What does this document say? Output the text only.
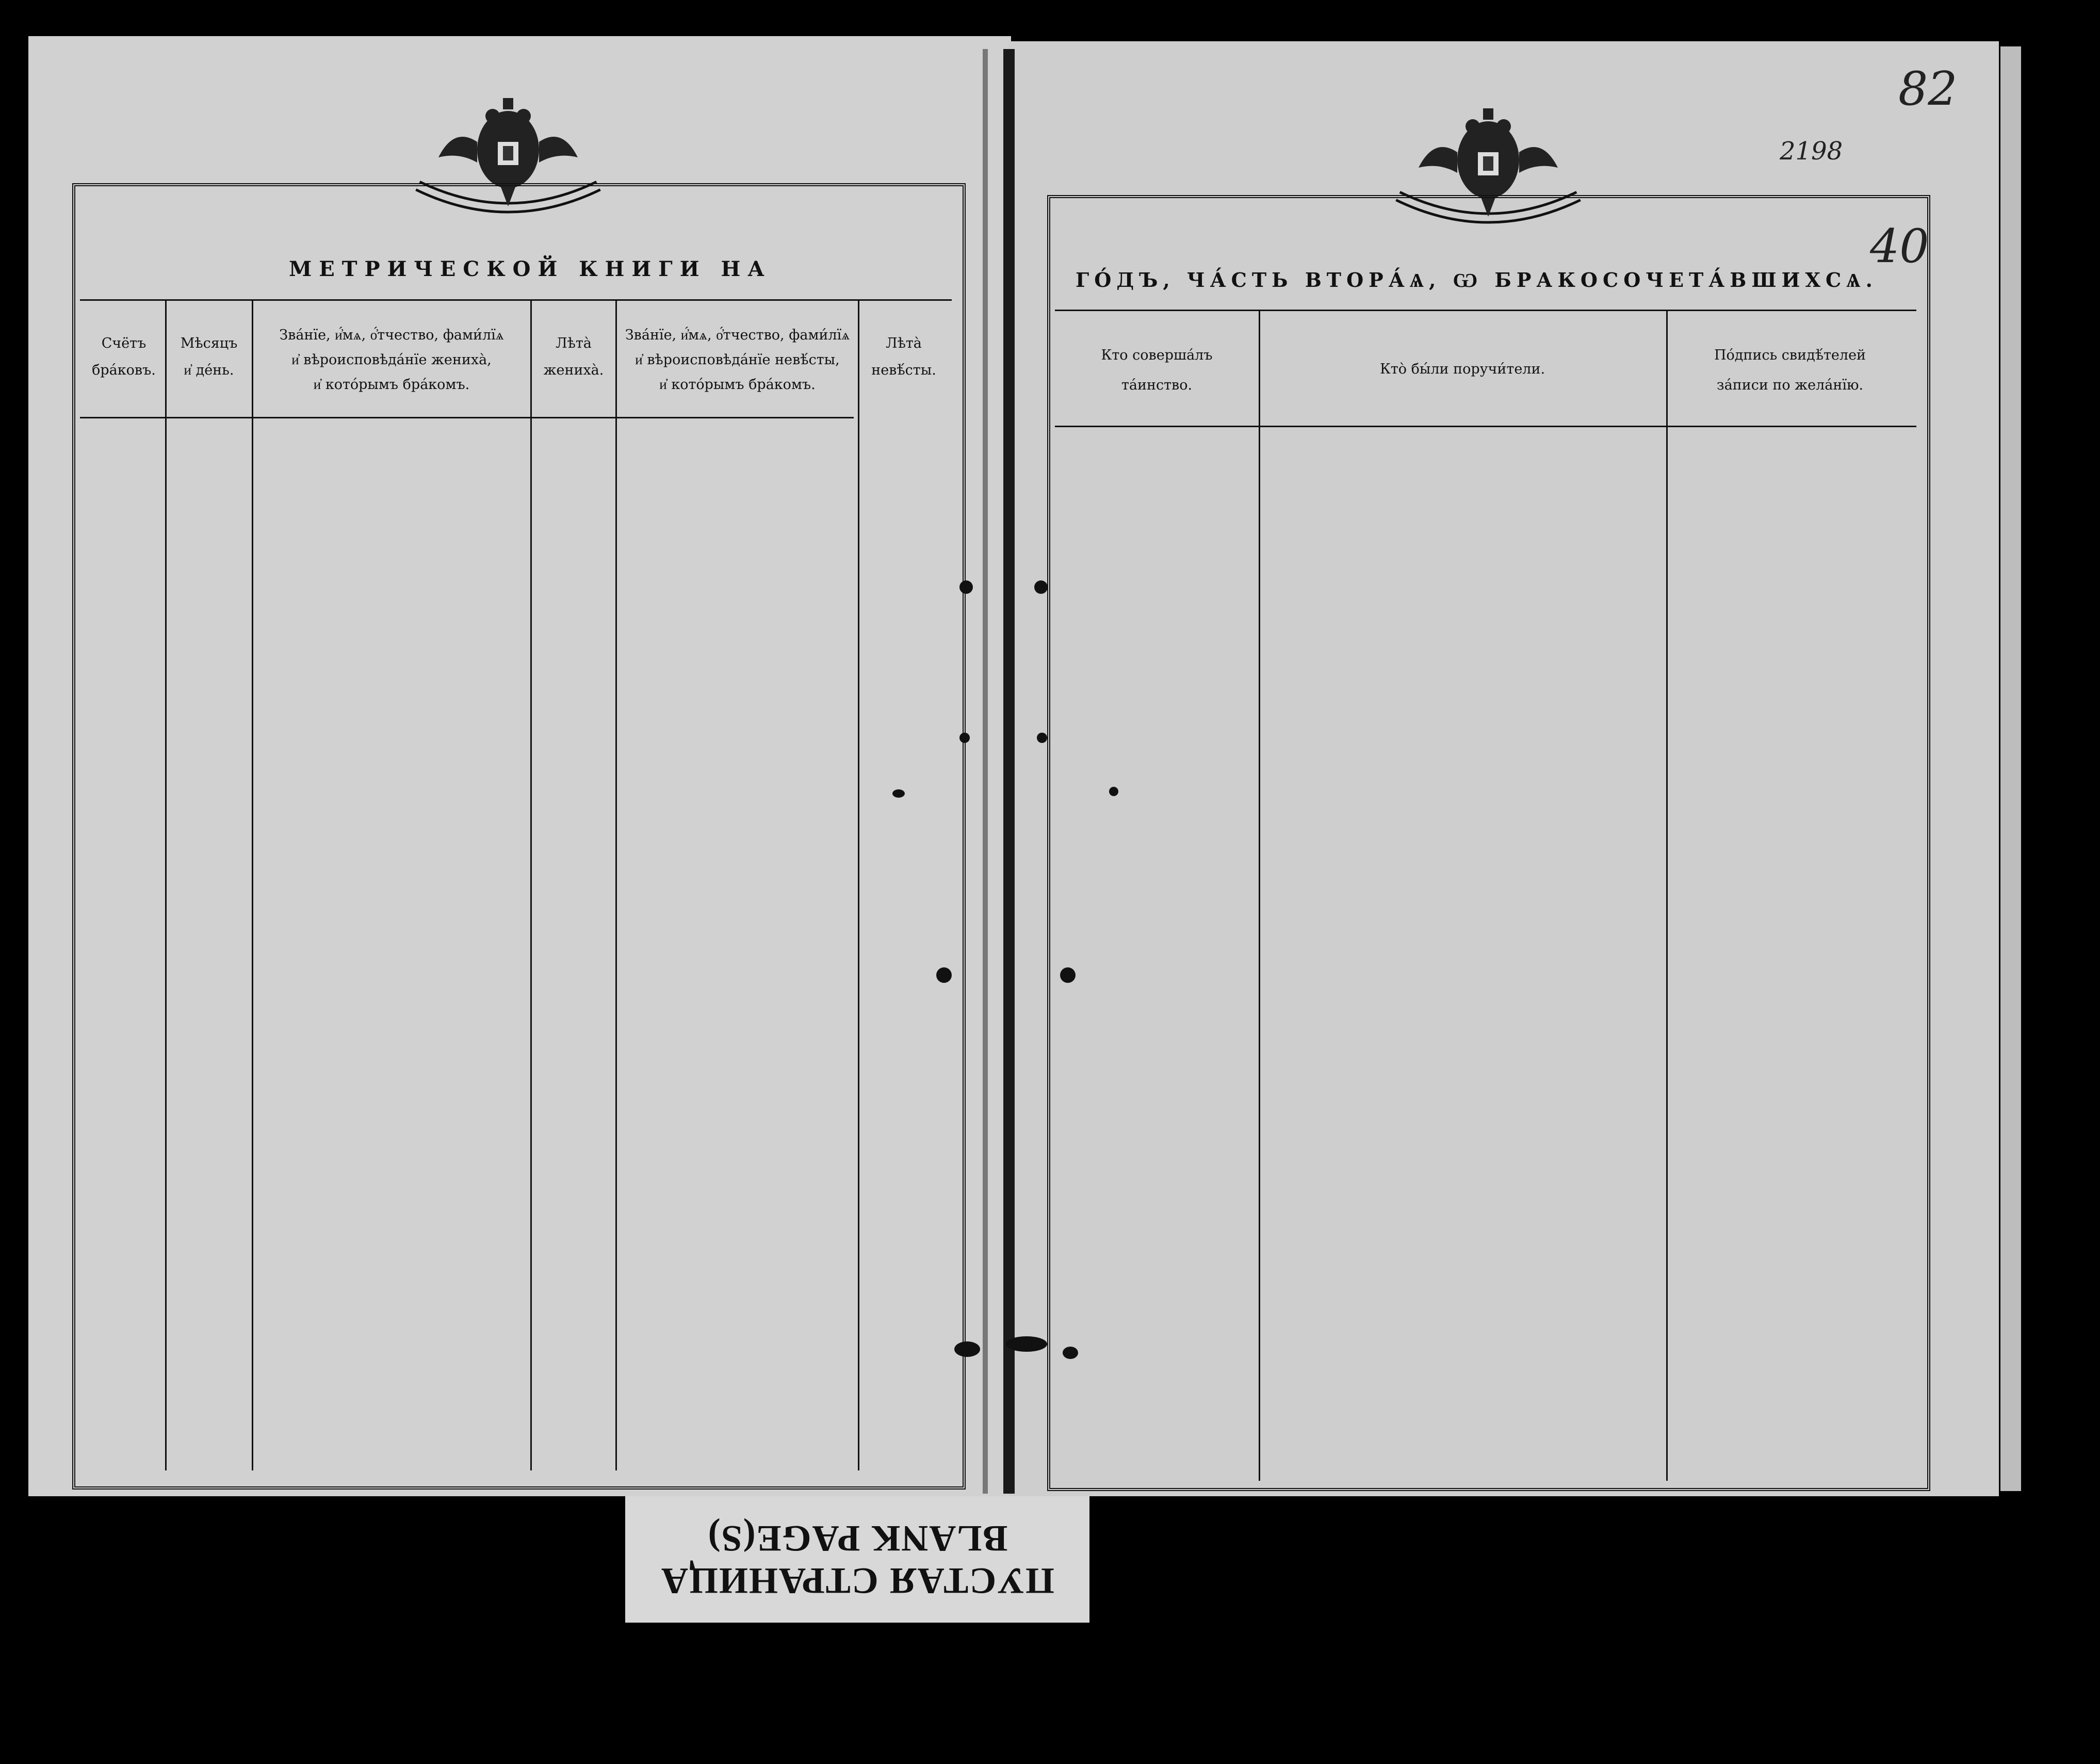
МЕТРИЧЕСКОЙ КНИГИ НА
Счётъ
бра́ковъ.
Мѣсяцъ
и҆ де́нь.
Зва́нїе, и҆́мѧ, о҆́тчество, фами́лїѧ
и҆ вѣроисповѣда́нїе жениха̀,
и҆ кото́рымъ бра́комъ.
Лѣта̀
жениха̀.
Зва́нїе, и҆́мѧ, о҆́тчество, фами́лїѧ
и҆ вѣроисповѣда́нїе невѣ́сты,
и҆ кото́рымъ бра́комъ.
Лѣта̀
невѣ́сты.
ГО́ДЪ, ЧА́СТЬ ВТОРА́Ѧ, Ѡ БРАКОСОЧЕТА́ВШИХСѦ.
Кто соверша́лъ
та́инство.
Кто̀ бы́ли поручи́тели.
По́дпись свидѣ́телей
за́писи по жела́нїю.
82
2198
40
ПУСТАЯ СТРАНИЦА
BLANK PAGE(S)
